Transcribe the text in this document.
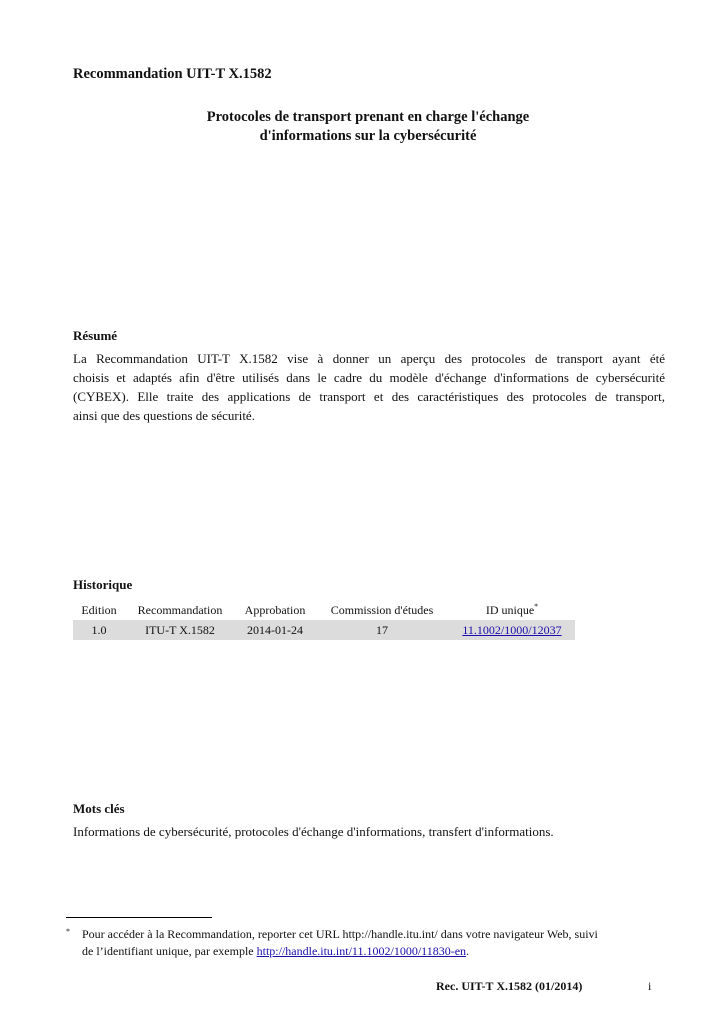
Recommandation UIT-T X.1582
Protocoles de transport prenant en charge l'échange
d'informations sur la cybersécurité
Résumé
La Recommandation UIT-T X.1582 vise à donner un aperçu des protocoles de transport ayant été
choisis et adaptés afin d'être utilisés dans le cadre du modèle d'échange d'informations de cybersécurité
(CYBEX). Elle traite des applications de transport et des caractéristiques des protocoles de transport,
ainsi que des questions de sécurité.
Historique
Edition	Recommandation	Approbation	Commission d'études	ID unique*
1.0	ITU-T X.1582	2014-01-24	17	11.1002/1000/12037
Mots clés
Informations de cybersécurité, protocoles d'échange d'informations, transfert d'informations.
*	Pour accéder à la Recommandation, reporter cet URL http://handle.itu.int/ dans votre navigateur Web, suivi
de l’identifiant unique, par exemple http://handle.itu.int/11.1002/1000/11830-en.
Rec. UIT-T X.1582 (01/2014)	i
